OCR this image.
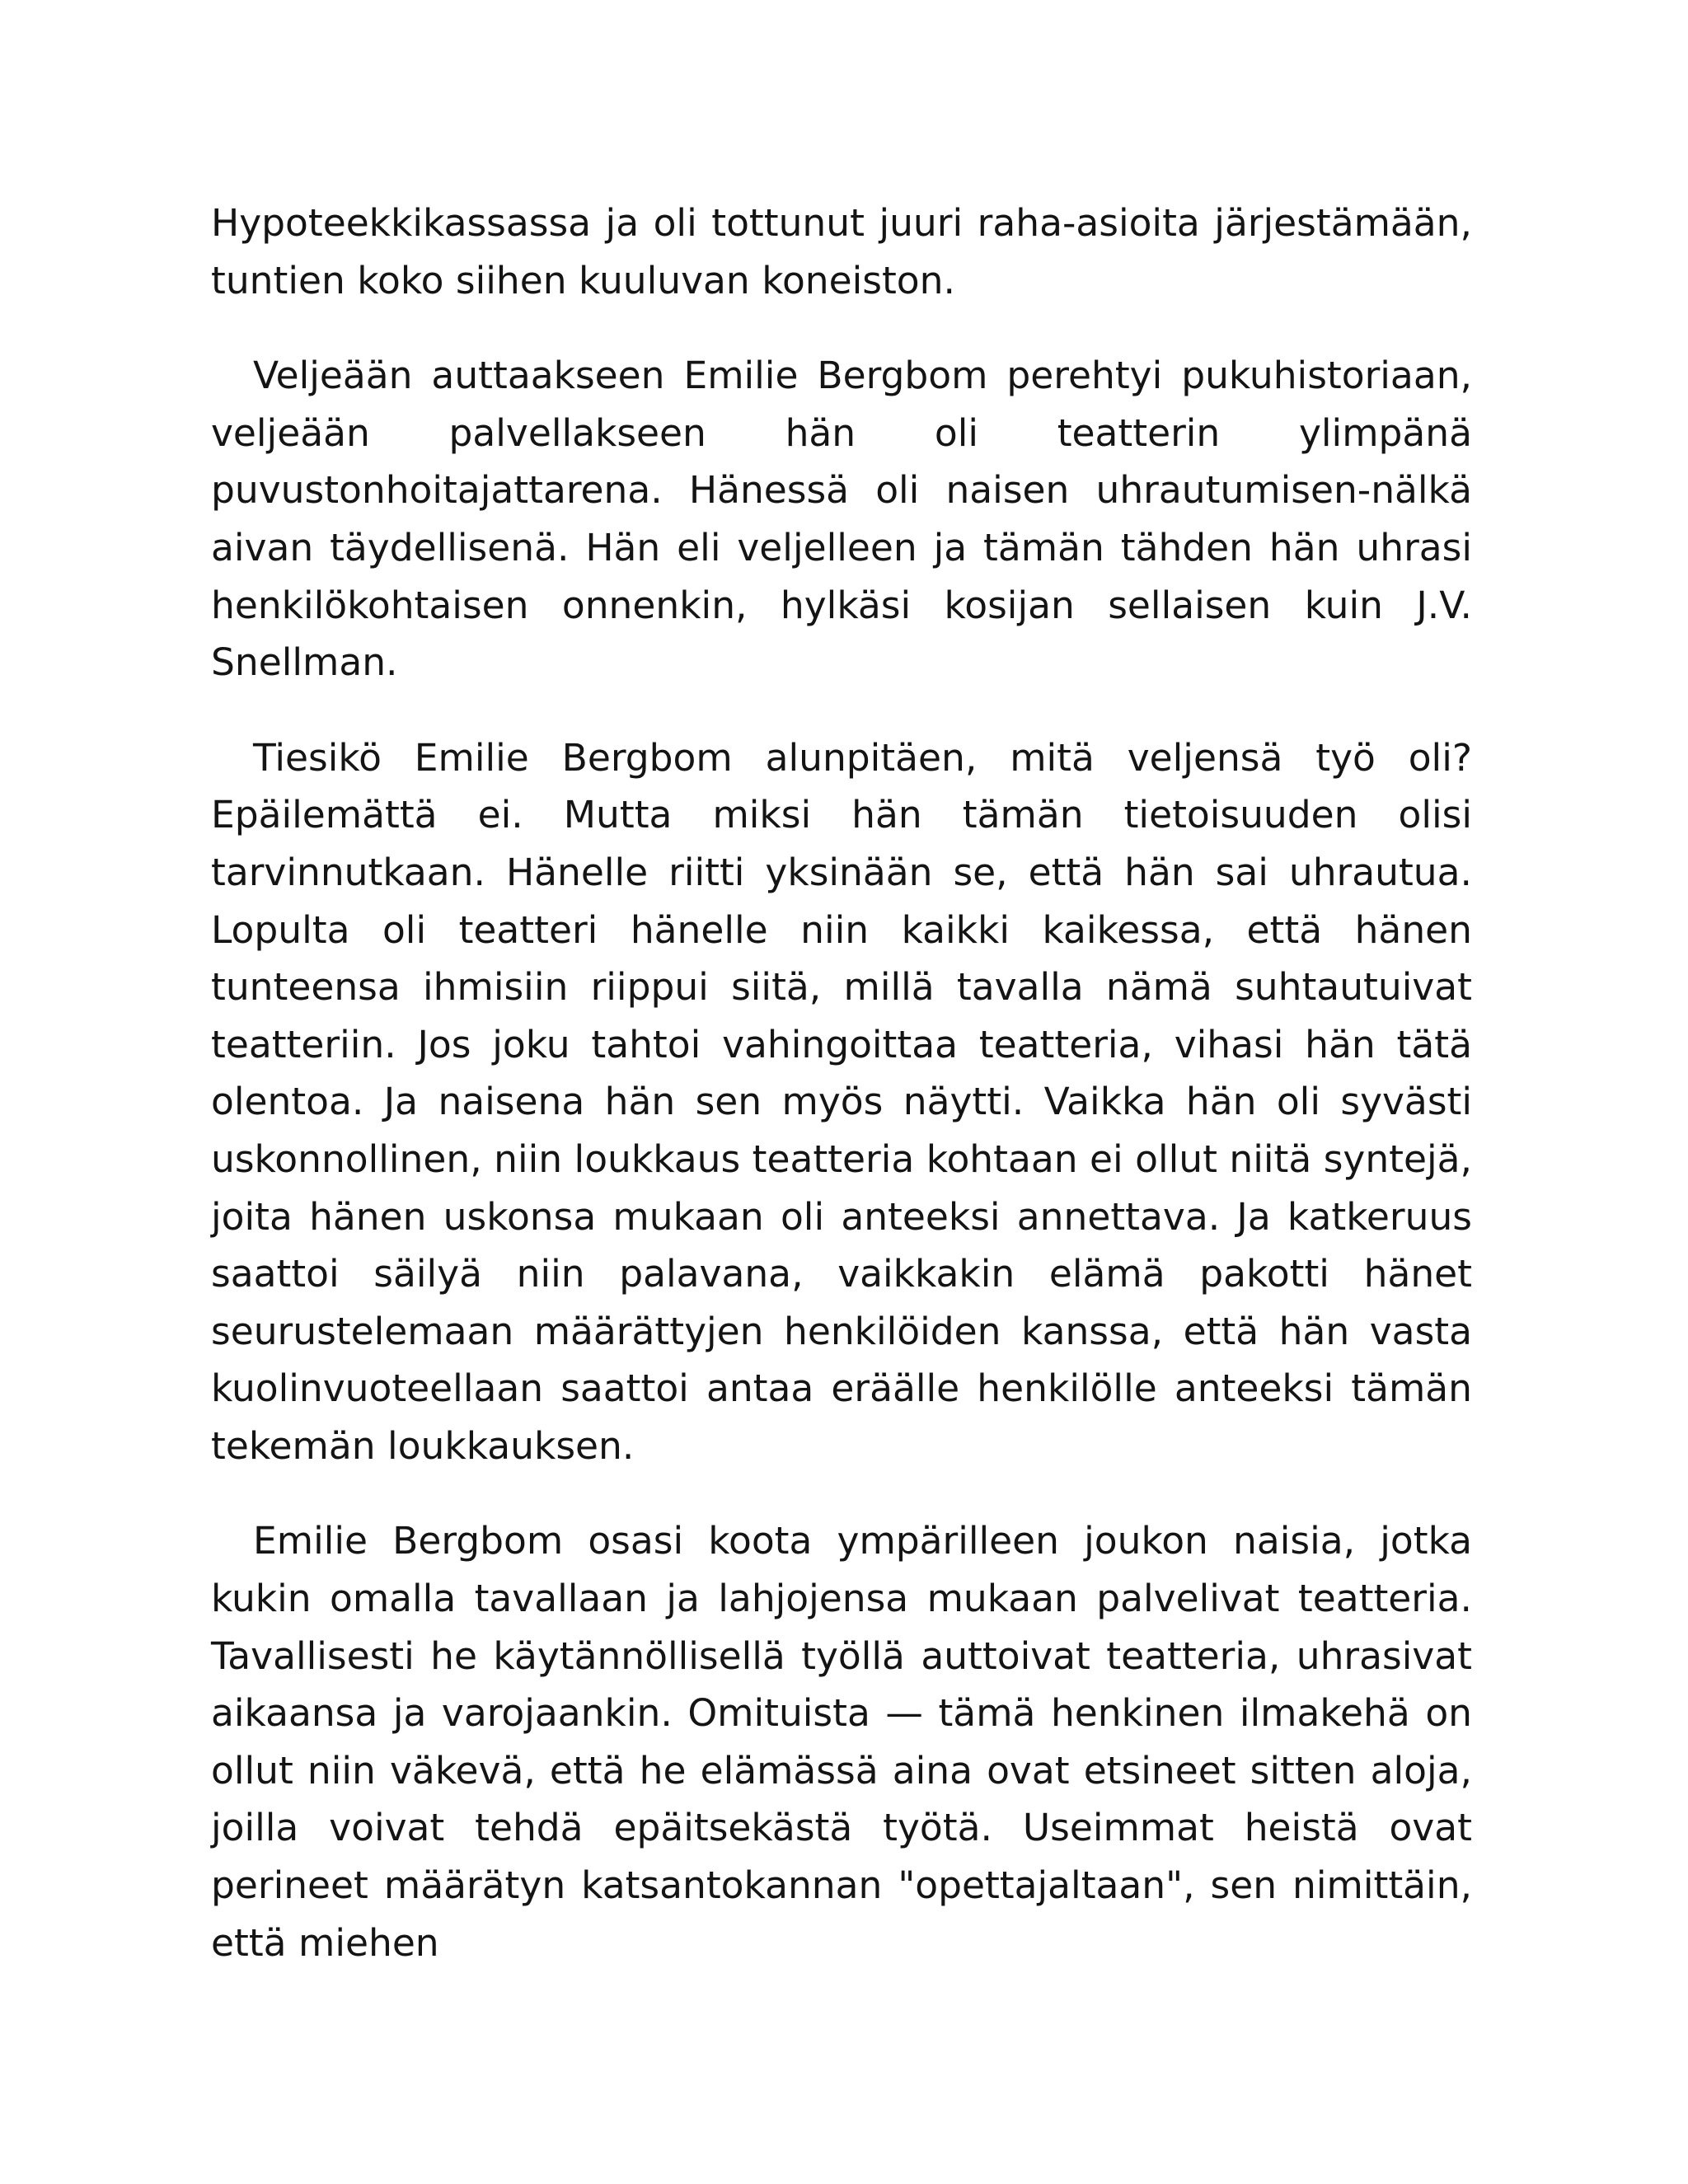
Hypoteekkikassassa ja oli tottunut juuri raha-asioita järjestämään, tuntien koko siihen kuuluvan koneiston.

Veljeään auttaakseen Emilie Bergbom perehtyi pukuhistoriaan, veljeään palvellakseen hän oli teatterin ylimpänä puvustonhoitajattarena. Hänessä oli naisen uhrautumisen-nälkä aivan täydellisenä. Hän eli veljelleen ja tämän tähden hän uhrasi henkilökohtaisen onnenkin, hylkäsi kosijan sellaisen kuin J.V. Snellman.

Tiesikö Emilie Bergbom alunpitäen, mitä veljensä työ oli? Epäilemättä ei. Mutta miksi hän tämän tietoisuuden olisi tarvinnutkaan. Hänelle riitti yksinään se, että hän sai uhrautua. Lopulta oli teatteri hänelle niin kaikki kaikessa, että hänen tunteensa ihmisiin riippui siitä, millä tavalla nämä suhtautuivat teatteriin. Jos joku tahtoi vahingoittaa teatteria, vihasi hän tätä olentoa. Ja naisena hän sen myös näytti. Vaikka hän oli syvästi uskonnollinen, niin loukkaus teatteria kohtaan ei ollut niitä syntejä, joita hänen uskonsa mukaan oli anteeksi annettava. Ja katkeruus saattoi säilyä niin palavana, vaikkakin elämä pakotti hänet seurustelemaan määrättyjen henkilöiden kanssa, että hän vasta kuolinvuoteellaan saattoi antaa eräälle henkilölle anteeksi tämän tekemän loukkauksen.

Emilie Bergbom osasi koota ympärilleen joukon naisia, jotka kukin omalla tavallaan ja lahjojensa mukaan palvelivat teatteria. Tavallisesti he käytännöllisellä työllä auttoivat teatteria, uhrasivat aikaansa ja varojaankin. Omituista — tämä henkinen ilmakehä on ollut niin väkevä, että he elämässä aina ovat etsineet sitten aloja, joilla voivat tehdä epäitsekästä työtä. Useimmat heistä ovat perineet määrätyn katsantokannan "opettajaltaan", sen nimittäin, että miehen
